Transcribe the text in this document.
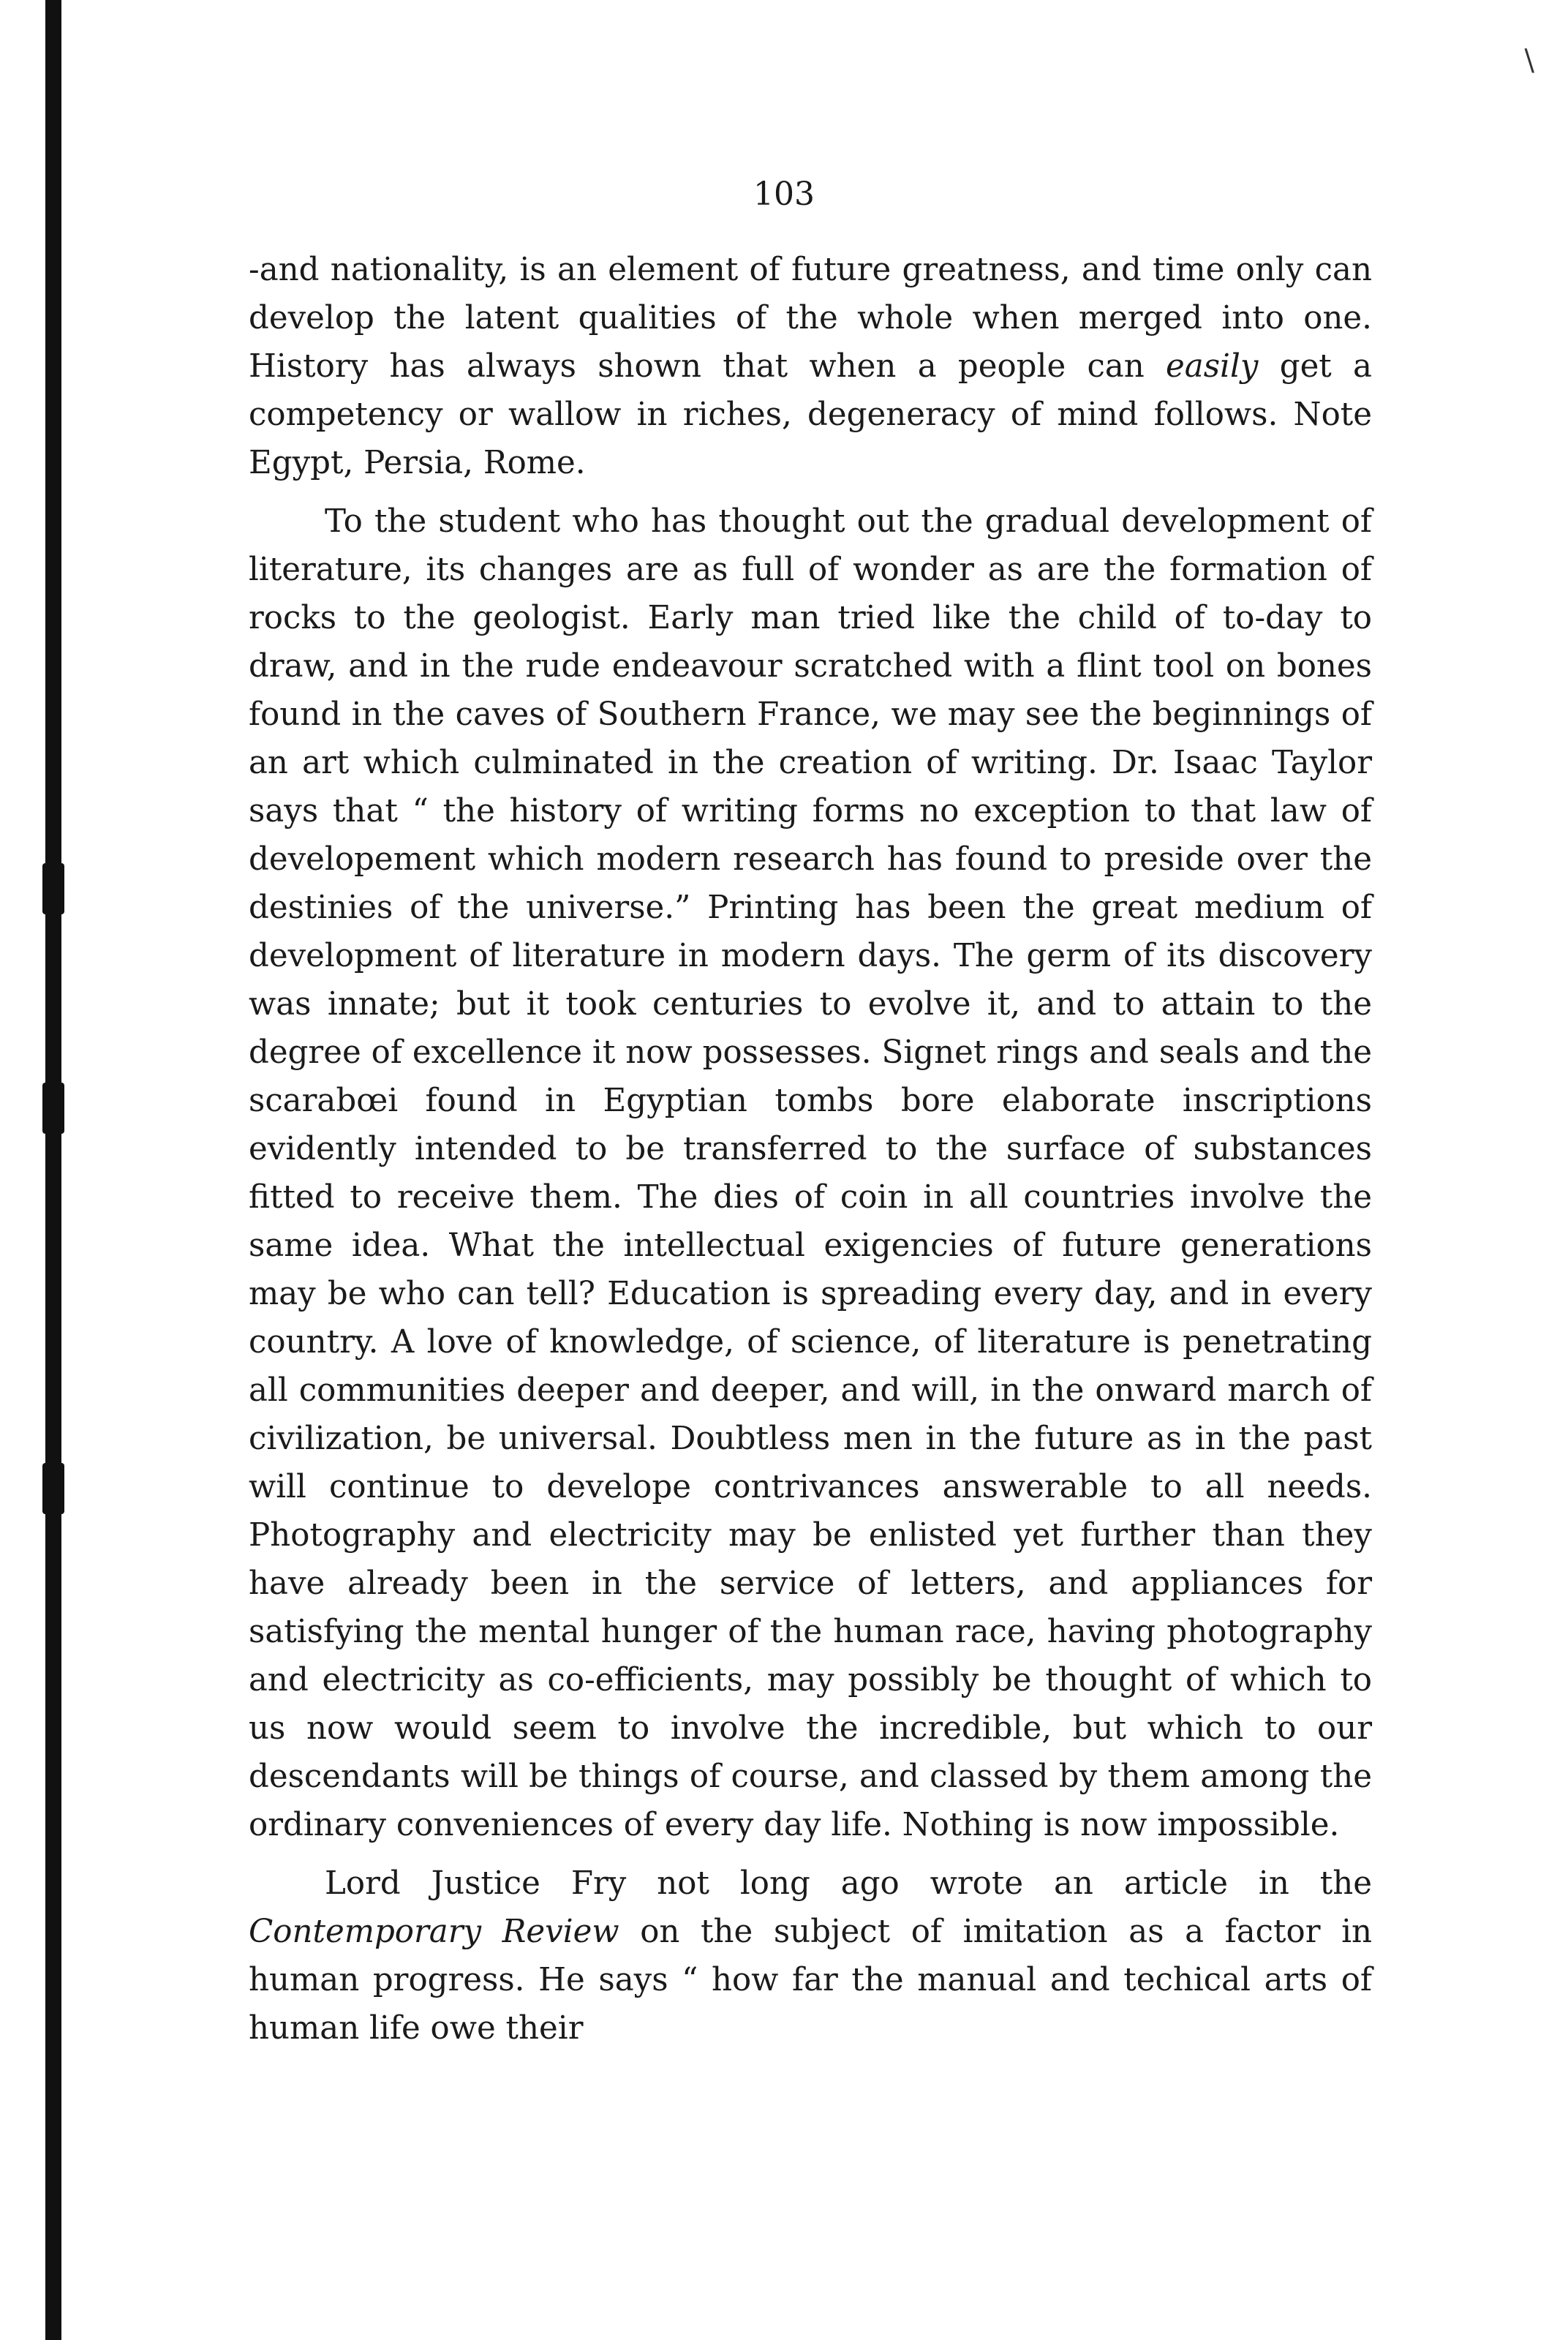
\
103

-and nationality, is an element of future greatness, and time only can develop the latent qualities of the whole when merged into one. History has always shown that when a people can easily get a competency or wallow in riches, degeneracy of mind follows. Note Egypt, Persia, Rome.

To the student who has thought out the gradual development of literature, its changes are as full of wonder as are the formation of rocks to the geologist. Early man tried like the child of to-day to draw, and in the rude endeavour scratched with a flint tool on bones found in the caves of Southern France, we may see the beginnings of an art which culminated in the creation of writing. Dr. Isaac Taylor says that “ the history of writing forms no exception to that law of developement which modern research has found to preside over the destinies of the universe.” Printing has been the great medium of development of literature in modern days. The germ of its discovery was innate; but it took centuries to evolve it, and to attain to the degree of excellence it now possesses. Signet rings and seals and the scarabœi found in Egyptian tombs bore elaborate inscriptions evidently intended to be transferred to the surface of substances fitted to receive them. The dies of coin in all countries involve the same idea. What the intellectual exigencies of future generations may be who can tell? Education is spreading every day, and in every country. A love of knowledge, of science, of literature is penetrating all communities deeper and deeper, and will, in the onward march of civilization, be universal. Doubtless men in the future as in the past will continue to develope contrivances answerable to all needs. Photography and electricity may be enlisted yet further than they have already been in the service of letters, and appliances for satisfying the mental hunger of the human race, having photography and electricity as co-efficients, may possibly be thought of which to us now would seem to involve the incredible, but which to our descendants will be things of course, and classed by them among the ordinary conveniences of every day life. Nothing is now impossible.

Lord Justice Fry not long ago wrote an article in the Contemporary Review on the subject of imitation as a factor in human progress. He says “ how far the manual and techical arts of human life owe their
